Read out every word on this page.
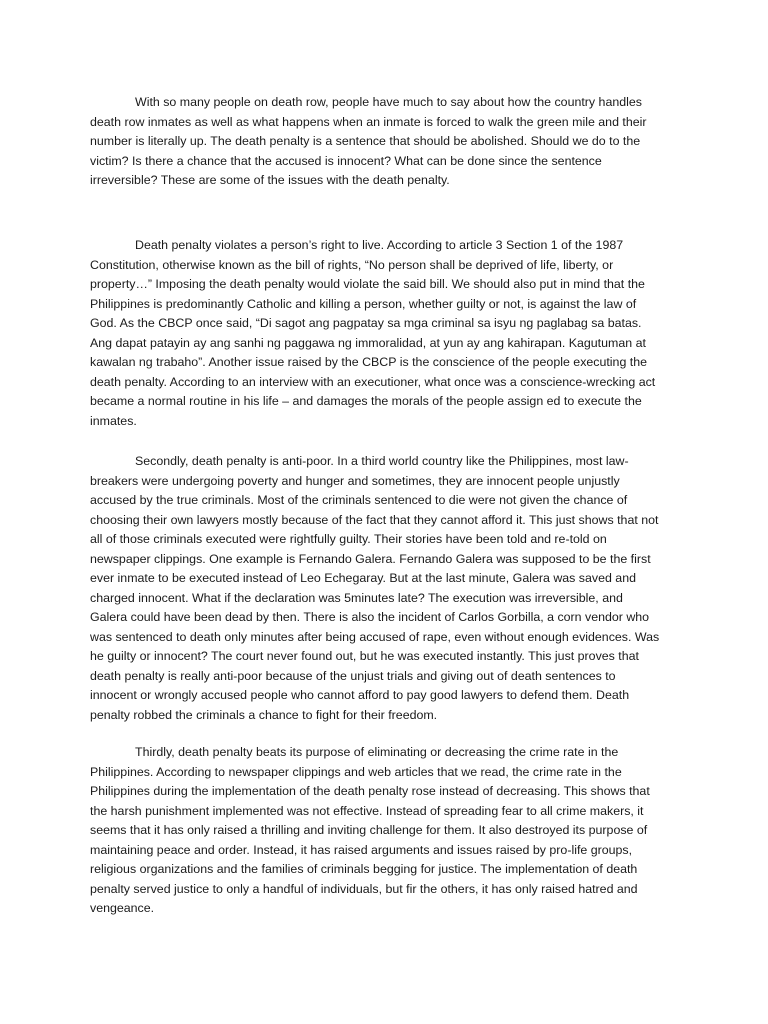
With so many people on death row, people have much to say about how the country handles death row inmates as well as what happens when an inmate is forced to walk the green mile and their number is literally up. The death penalty is a sentence that should be abolished. Should we do to the victim? Is there a chance that the accused is innocent? What can be done since the sentence irreversible? These are some of the issues with the death penalty.

Death penalty violates a person’s right to live. According to article 3 Section 1 of the 1987 Constitution, otherwise known as the bill of rights, “No person shall be deprived of life, liberty, or property…” Imposing the death penalty would violate the said bill. We should also put in mind that the Philippines is predominantly Catholic and killing a person, whether guilty or not, is against the law of God. As the CBCP once said, “Di sagot ang pagpatay sa mga criminal sa isyu ng paglabag sa batas. Ang dapat patayin ay ang sanhi ng paggawa ng immoralidad, at yun ay ang kahirapan. Kagutuman at kawalan ng trabaho”. Another issue raised by the CBCP is the conscience of the people executing the death penalty. According to an interview with an executioner, what once was a conscience-wrecking act became a normal routine in his life – and damages the morals of the people assign ed to execute the inmates.

Secondly, death penalty is anti-poor. In a third world country like the Philippines, most law-breakers were undergoing poverty and hunger and sometimes, they are innocent people unjustly accused by the true criminals. Most of the criminals sentenced to die were not given the chance of choosing their own lawyers mostly because of the fact that they cannot afford it. This just shows that not all of those criminals executed were rightfully guilty. Their stories have been told and re-told on newspaper clippings. One example is Fernando Galera. Fernando Galera was supposed to be the first ever inmate to be executed instead of Leo Echegaray. But at the last minute, Galera was saved and charged innocent. What if the declaration was 5minutes late? The execution was irreversible, and Galera could have been dead by then. There is also the incident of Carlos Gorbilla, a corn vendor who was sentenced to death only minutes after being accused of rape, even without enough evidences. Was he guilty or innocent? The court never found out, but he was executed instantly. This just proves that death penalty is really anti-poor because of the unjust trials and giving out of death sentences to innocent or wrongly accused people who cannot afford to pay good lawyers to defend them. Death penalty robbed the criminals a chance to fight for their freedom.

Thirdly, death penalty beats its purpose of eliminating or decreasing the crime rate in the Philippines. According to newspaper clippings and web articles that we read, the crime rate in the Philippines during the implementation of the death penalty rose instead of decreasing. This shows that the harsh punishment implemented was not effective. Instead of spreading fear to all crime makers, it seems that it has only raised a thrilling and inviting challenge for them. It also destroyed its purpose of maintaining peace and order. Instead, it has raised arguments and issues raised by pro-life groups, religious organizations and the families of criminals begging for justice. The implementation of death penalty served justice to only a handful of individuals, but fir the others, it has only raised hatred and vengeance.
